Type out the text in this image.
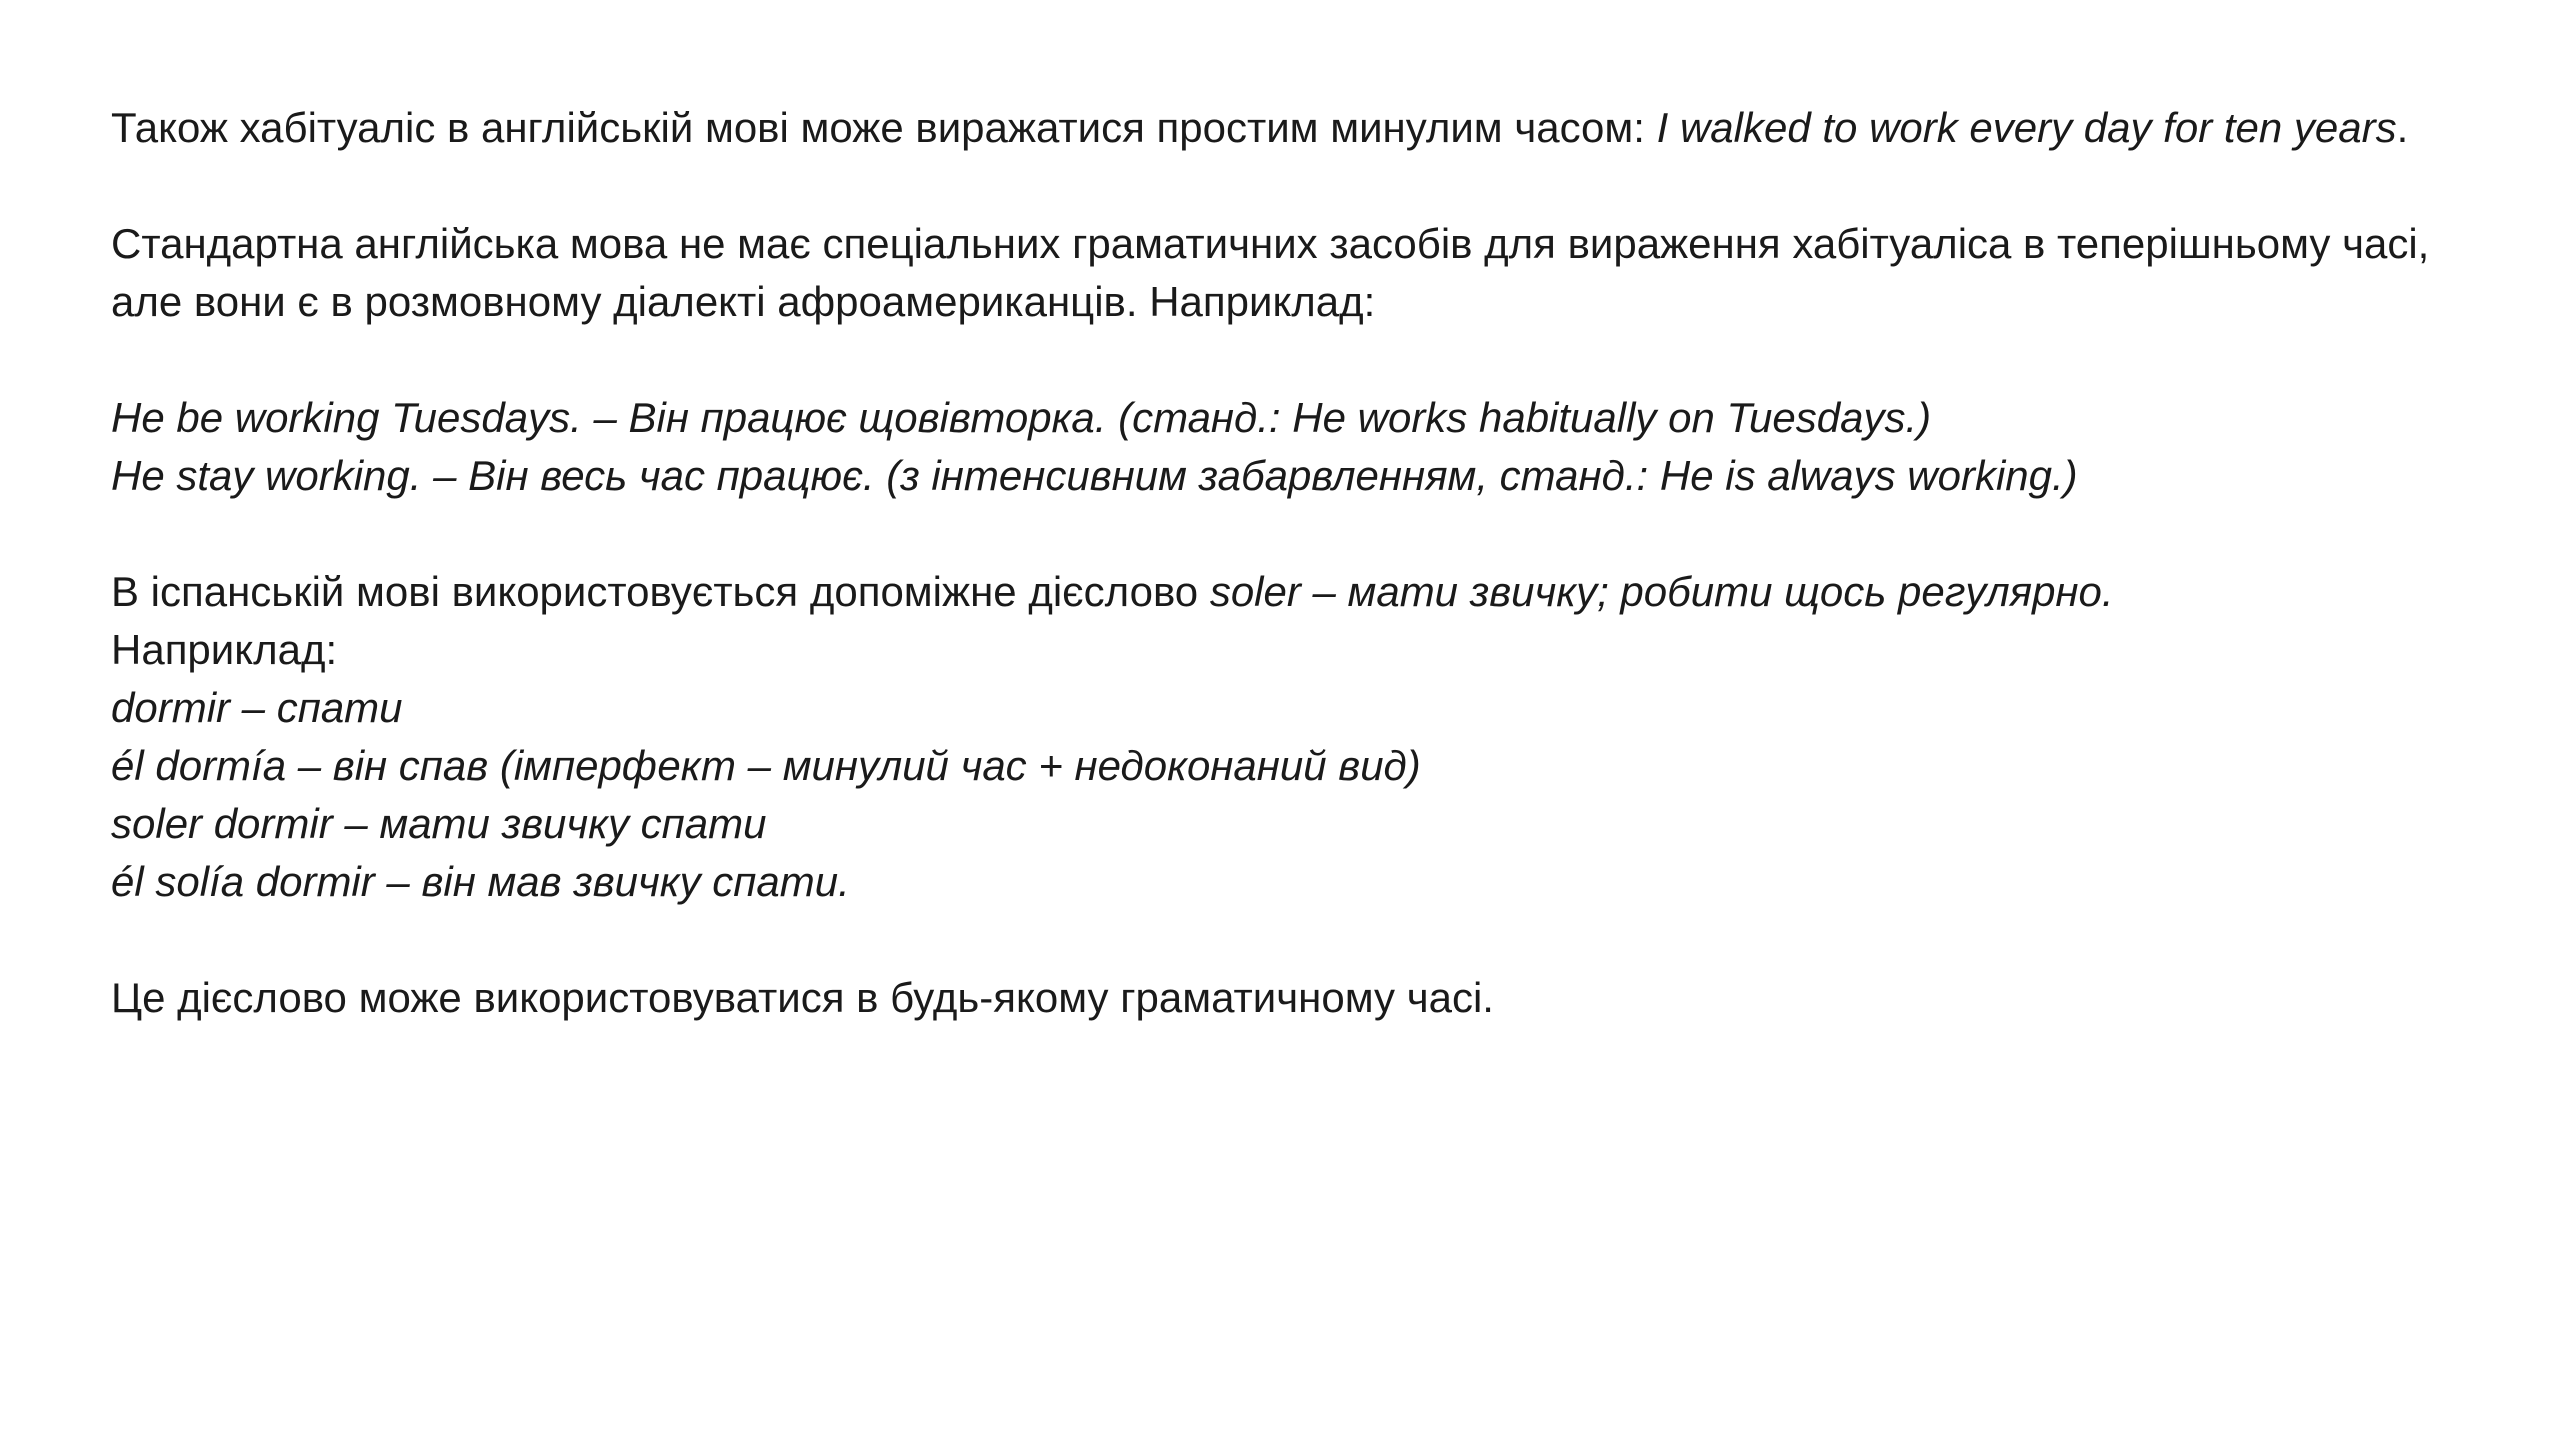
Також хабітуаліс в англійській мові може виражатися простим минулим часом: I walked to work every day for ten years.

Стандартна англійська мова не має спеціальних граматичних засобів для вираження хабітуаліса в теперішньому часі, але вони є в розмовному діалекті афроамериканців. Наприклад:

He be working Tuesdays. – Він працює щовівторка. (станд.: He works habitually on Tuesdays.)

He stay working. – Він весь час працює. (з інтенсивним забарвленням, станд.: He is always working.)

В іспанській мові використовується допоміжне дієслово soler – мати звичку; робити щось регулярно.

Наприклад:

dormir – спати

él dormía – він спав (імперфект – минулий час + недоконаний вид)

soler dormir – мати звичку спати

él solía dormir – він мав звичку спати.

Це дієслово може використовуватися в будь-якому граматичному часі.
